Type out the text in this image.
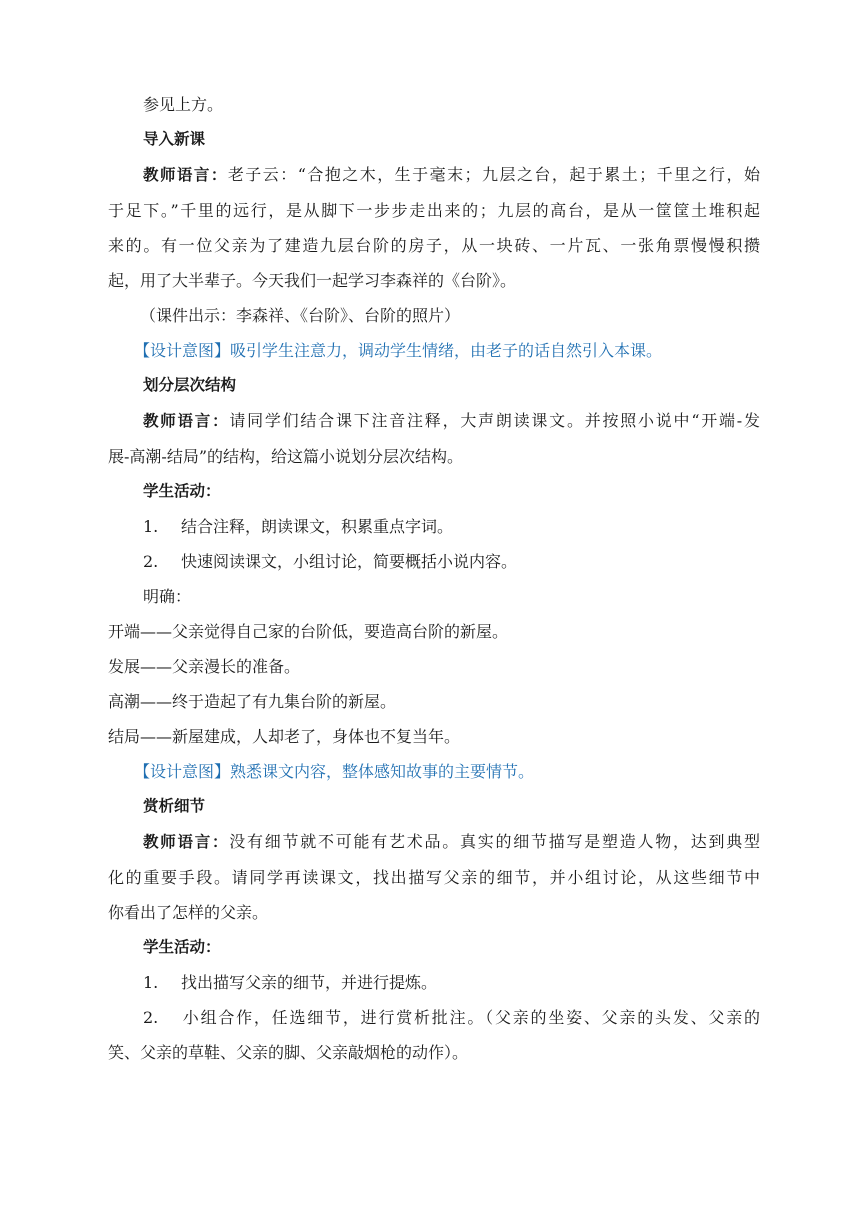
参见上方。

导入新课

教师语言：老子云：“合抱之木，生于毫末；九层之台，起于累土；千里之行，始

于足下。”千里的远行，是从脚下一步步走出来的；九层的高台，是从一筐筐土堆积起

来的。有一位父亲为了建造九层台阶的房子，从一块砖、一片瓦、一张角票慢慢积攒

起，用了大半辈子。今天我们一起学习李森祥的《台阶》。

（课件出示：李森祥、《台阶》、台阶的照片）

【设计意图】吸引学生注意力，调动学生情绪，由老子的话自然引入本课。

划分层次结构

教师语言：请同学们结合课下注音注释，大声朗读课文。并按照小说中“开端-发

展-高潮-结局”的结构，给这篇小说划分层次结构。

学生活动：

1. 结合注释，朗读课文，积累重点字词。

2. 快速阅读课文，小组讨论，简要概括小说内容。

明确：

开端——父亲觉得自己家的台阶低，要造高台阶的新屋。

发展——父亲漫长的准备。

高潮——终于造起了有九集台阶的新屋。

结局——新屋建成，人却老了，身体也不复当年。

【设计意图】熟悉课文内容，整体感知故事的主要情节。

赏析细节

教师语言：没有细节就不可能有艺术品。真实的细节描写是塑造人物，达到典型

化的重要手段。请同学再读课文，找出描写父亲的细节，并小组讨论，从这些细节中

你看出了怎样的父亲。

学生活动：

1. 找出描写父亲的细节，并进行提炼。

2. 小组合作，任选细节，进行赏析批注。（父亲的坐姿、父亲的头发、父亲的

笑、父亲的草鞋、父亲的脚、父亲敲烟枪的动作）。
